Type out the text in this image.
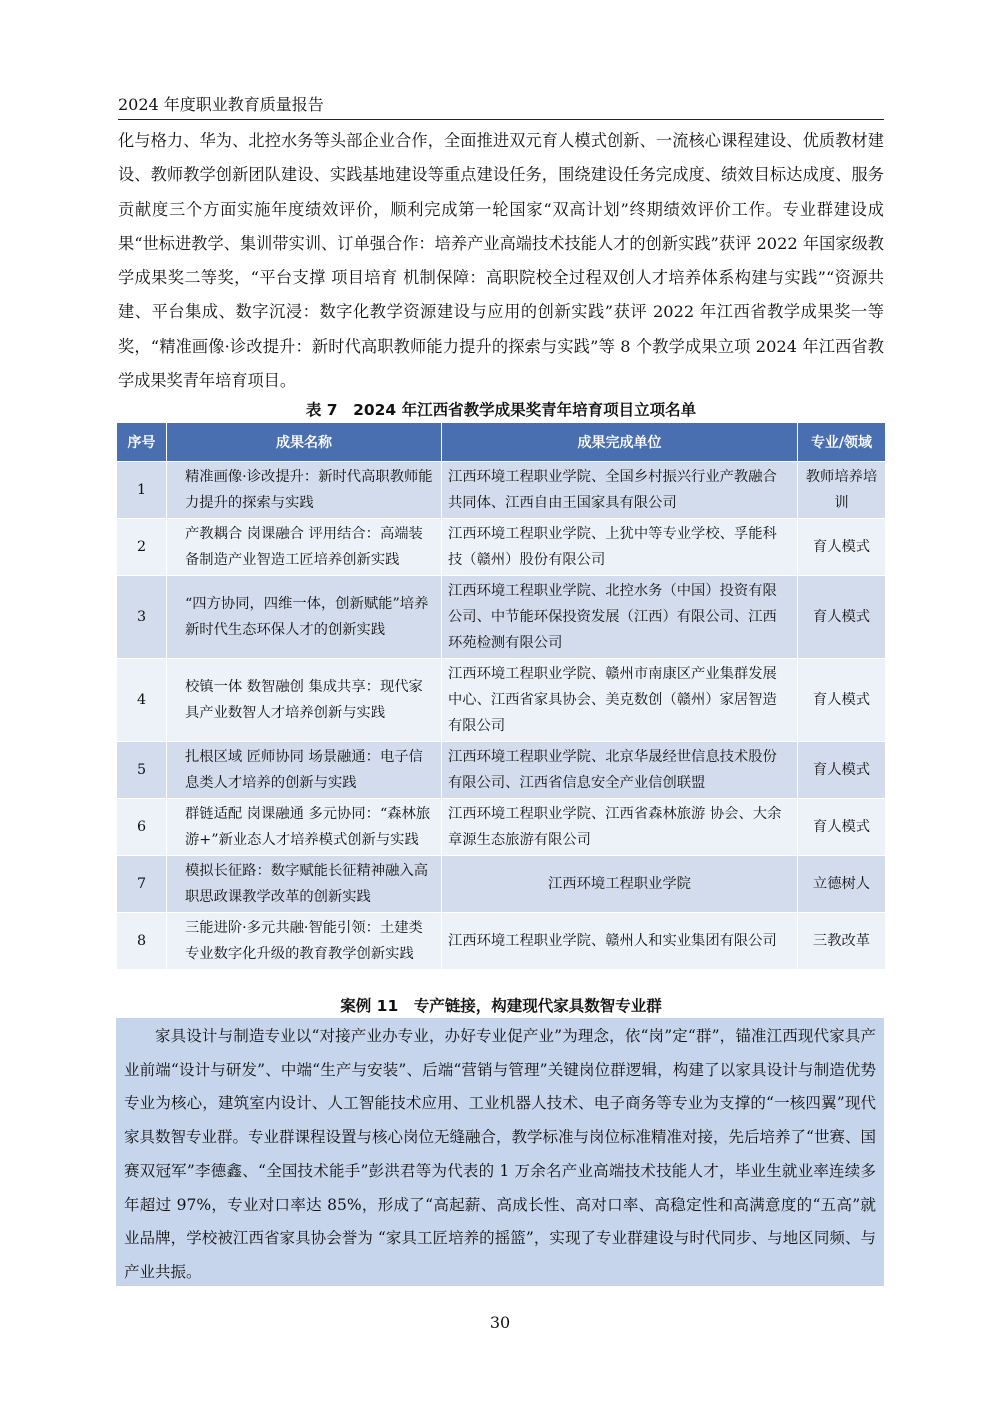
2024 年度职业教育质量报告

化与格力、华为、北控水务等头部企业合作，全面推进双元育人模式创新、一流核心课程建设、优质教材建设、教师教学创新团队建设、实践基地建设等重点建设任务，围绕建设任务完成度、绩效目标达成度、服务贡献度三个方面实施年度绩效评价，顺利完成第一轮国家“双高计划”终期绩效评价工作。专业群建设成果“世标进教学、集训带实训、订单强合作：培养产业高端技术技能人才的创新实践”获评 2022 年国家级教学成果奖二等奖，“平台支撑 项目培育 机制保障：高职院校全过程双创人才培养体系构建与实践”“资源共建、平台集成、数字沉浸：数字化教学资源建设与应用的创新实践”获评 2022 年江西省教学成果奖一等奖，“精准画像·诊改提升：新时代高职教师能力提升的探索与实践”等 8 个教学成果立项 2024 年江西省教学成果奖青年培育项目。

表 7　2024 年江西省教学成果奖青年培育项目立项名单
序号	成果名称	成果完成单位	专业/领域
1	精准画像·诊改提升：新时代高职教师能力提升的探索与实践	江西环境工程职业学院、全国乡村振兴行业产教融合共同体、江西自由王国家具有限公司	教师培养培训
2	产教耦合 岗课融合 评用结合：高端装备制造产业智造工匠培养创新实践	江西环境工程职业学院、上犹中等专业学校、孚能科技（赣州）股份有限公司	育人模式
3	“四方协同，四维一体，创新赋能”培养新时代生态环保人才的创新实践	江西环境工程职业学院、北控水务（中国）投资有限公司、中节能环保投资发展（江西）有限公司、江西环苑检测有限公司	育人模式
4	校镇一体 数智融创 集成共享：现代家具产业数智人才培养创新与实践	江西环境工程职业学院、赣州市南康区产业集群发展中心、江西省家具协会、美克数创（赣州）家居智造有限公司	育人模式
5	扎根区域 匠师协同 场景融通：电子信息类人才培养的创新与实践	江西环境工程职业学院、北京华晟经世信息技术股份有限公司、江西省信息安全产业信创联盟	育人模式
6	群链适配 岗课融通 多元协同：“森林旅游+”新业态人才培养模式创新与实践	江西环境工程职业学院、江西省森林旅游 协会、大余章源生态旅游有限公司	育人模式
7	模拟长征路：数字赋能长征精神融入高职思政课教学改革的创新实践	江西环境工程职业学院	立德树人
8	三能进阶·多元共融·智能引领：土建类专业数字化升级的教育教学创新实践	江西环境工程职业学院、赣州人和实业集团有限公司	三教改革
案例 11　专产链接，构建现代家具数智专业群

家具设计与制造专业以“对接产业办专业，办好专业促产业”为理念，依“岗”定“群”，锚准江西现代家具产业前端“设计与研发”、中端“生产与安装”、后端“营销与管理”关键岗位群逻辑，构建了以家具设计与制造优势专业为核心，建筑室内设计、人工智能技术应用、工业机器人技术、电子商务等专业为支撑的“一核四翼”现代家具数智专业群。专业群课程设置与核心岗位无缝融合，教学标准与岗位标准精准对接，先后培养了“世赛、国赛双冠军”李德鑫、“全国技术能手”彭洪君等为代表的 1 万余名产业高端技术技能人才，毕业生就业率连续多年超过 97%，专业对口率达 85%，形成了“高起薪、高成长性、高对口率、高稳定性和高满意度的“五高”就业品牌，学校被江西省家具协会誉为 “家具工匠培养的摇篮”，实现了专业群建设与时代同步、与地区同频、与产业共振。

30
